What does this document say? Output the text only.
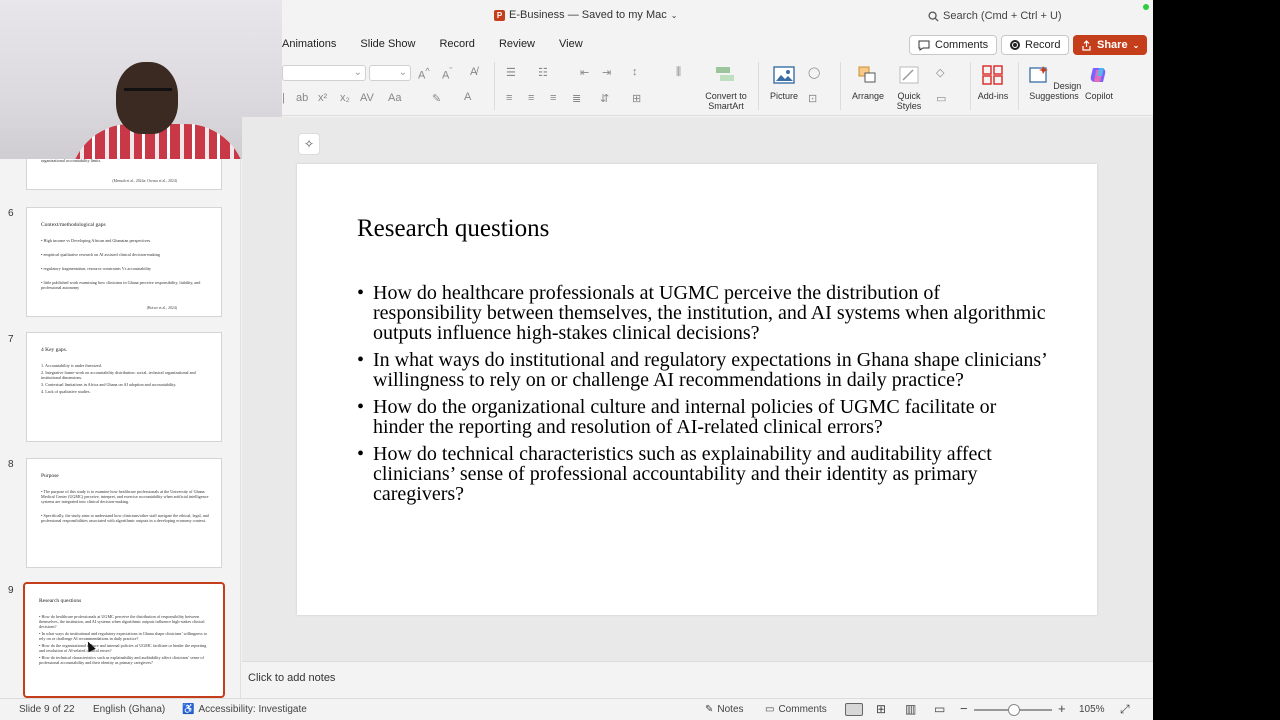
P E-Business — Saved to my Mac ⌄	Search (Cmd + Ctrl + U)
Animations Slide Show Record Review View	Comments	Record	Share ⌄
⌄	⌄	A^ $A^ˇ$ A̸
| ab x² x₂ AV Aa	✎ A
☰ ☷	⇤ ⇥ ↕
≡ ≡ ≡ ≣ ⇵ ⊞
⫼
Convert to SmartArt
Picture
◯
⊡	Arrange	Quick Styles
◇
▭	Add-ins
Design Suggestions Copilot

organizational accountability limits.

(Mensah et al., 2024a; Owusu et al., 2024)
6
Context/methodological gaps

• High income vs Developing African and Ghanaian perspectives.

• empirical qualitative research on AI assisted clinical decision-making

• regulatory fragmentation, resource constraints Vs accountability

• little published work examining how clinicians in Ghana perceive responsibility, liability, and professional autonomy

(Botwe et al., 2024)
7
4 Key gaps.

1. Accountability is under theorized.

2. Integrative frame-work on accountability distribution: social, technical organizational and institutional dimensions.

3. Contextual limitations in Africa and Ghana on AI adoption and accountability.

4. Lack of qualitative studies.

8
Purpose

• The purpose of this study is to examine how healthcare professionals at the University of Ghana Medical Center (UGMC) perceive, interpret, and exercise accountability when artificial intelligence systems are integrated into clinical decision-making.

• Specifically, the study aims to understand how clinicians/other staff navigate the ethical, legal, and professional responsibilities associated with algorithmic outputs in a developing economy context.

9
Research questions

• How do healthcare professionals at UGMC perceive the distribution of responsibility between themselves, the institution, and AI systems when algorithmic outputs influence high-stakes clinical decisions?

• In what ways do institutional and regulatory expectations in Ghana shape clinicians’ willingness to rely on or challenge AI recommendations in daily practice?

• How do the organizational culture and internal policies of UGMC facilitate or hinder the reporting and resolution of AI-related clinical errors?

• How do technical characteristics such as explainability and auditability affect clinicians’ sense of professional accountability and their identity as primary caregivers?

✧
Research questions
• How do healthcare professionals at UGMC perceive the distribution of responsibility between themselves, the institution, and AI systems when algorithmic outputs influence high-stakes clinical decisions?
• In what ways do institutional and regulatory expectations in Ghana shape clinicians’ willingness to rely on or challenge AI recommendations in daily practice?
• How do the organizational culture and internal policies of UGMC facilitate or hinder the reporting and resolution of AI-related clinical errors?
• How do technical characteristics such as explainability and auditability affect clinicians’ sense of professional accountability and their identity as primary caregivers?
Click to add notes
Slide 9 of 22 English (Ghana) ♿ Accessibility: Investigate	✎ Notes ▭ Comments	⊞ ▥ ▭ −	+ 105% ⤢
